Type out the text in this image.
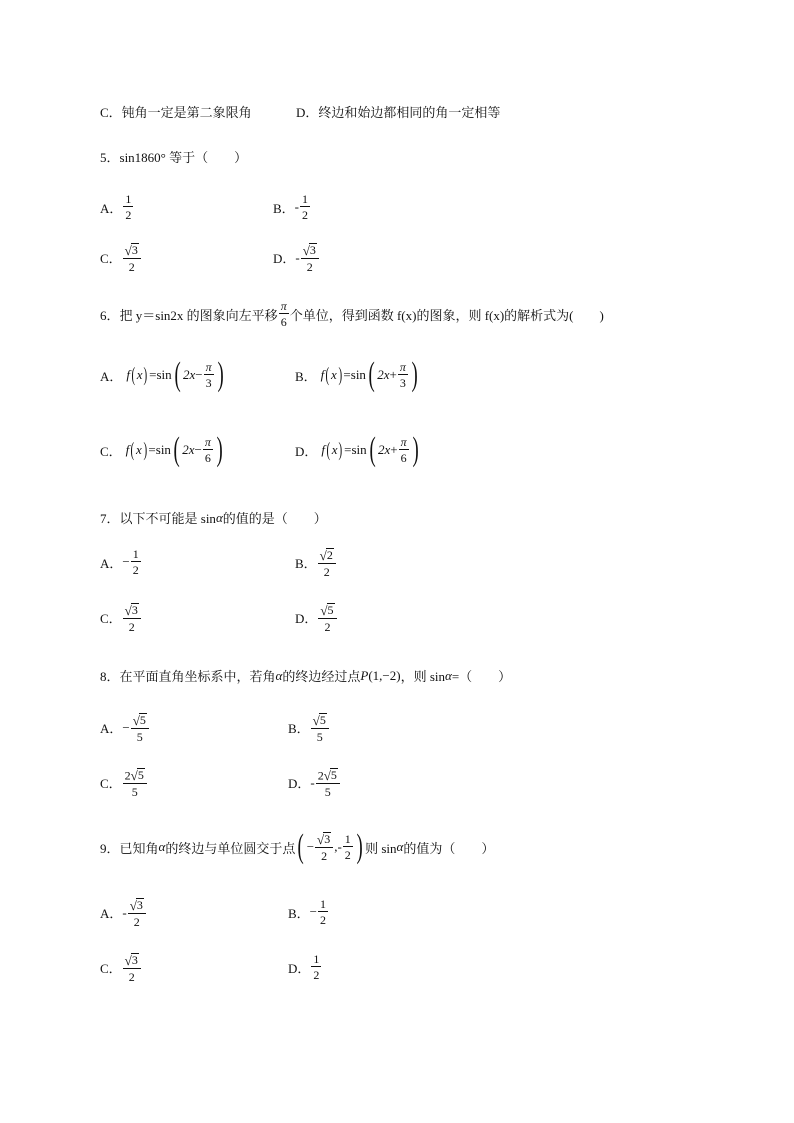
C． 钝角一定是第二象限角	D． 终边和始边都相同的角一定相等
5． sin1860° 等于（　　）
A． $\frac{1}{2}$	B． - $\frac{1}{2}$
C． $\frac{√ 3}{2}$	D． - $\frac{√ 3}{2}$
6． 把 y＝sin2x 的图象向左平移 $\frac{\pi}{6}$ 个单位，得到函数 f(x)的图象，则 f(x)的解析式为(　　)
A． f ( x ) = sin ( $2x - \frac{\pi}{3}$ )	B． f ( x ) = sin ( $2x + \frac{\pi}{3}$ )
C． f ( x ) = sin ( $2x - \frac{\pi}{6}$ )	D． f ( x ) = sin ( $2x + \frac{\pi}{6}$ )
7． 以下不可能是 sin α 的值的是（　　）
A． − $\frac{1}{2}$	B． $\frac{√ 2}{2}$
C． $\frac{√ 3}{2}$	D． $\frac{√ 5}{2}$
8． 在平面直角坐标系中，若角 α 的终边经过点 P (1,−2) ，则 sin α =（　　）
A． − $\frac{√ 5}{5}$	B． $\frac{√ 5}{5}$
C． $\frac{2 √ 5}{5}$	D． - $\frac{2 √ 5}{5}$
9． 已知角 α 的终边与单位圆交于点 ( − $\frac{√ 3}{2}$ ,- $\frac{1}{2}$ ) 则 sin α 的值为（　　）
A． - $\frac{√ 3}{2}$	B． − $\frac{1}{2}$
C． $\frac{√ 3}{2}$	D． $\frac{1}{2}$
